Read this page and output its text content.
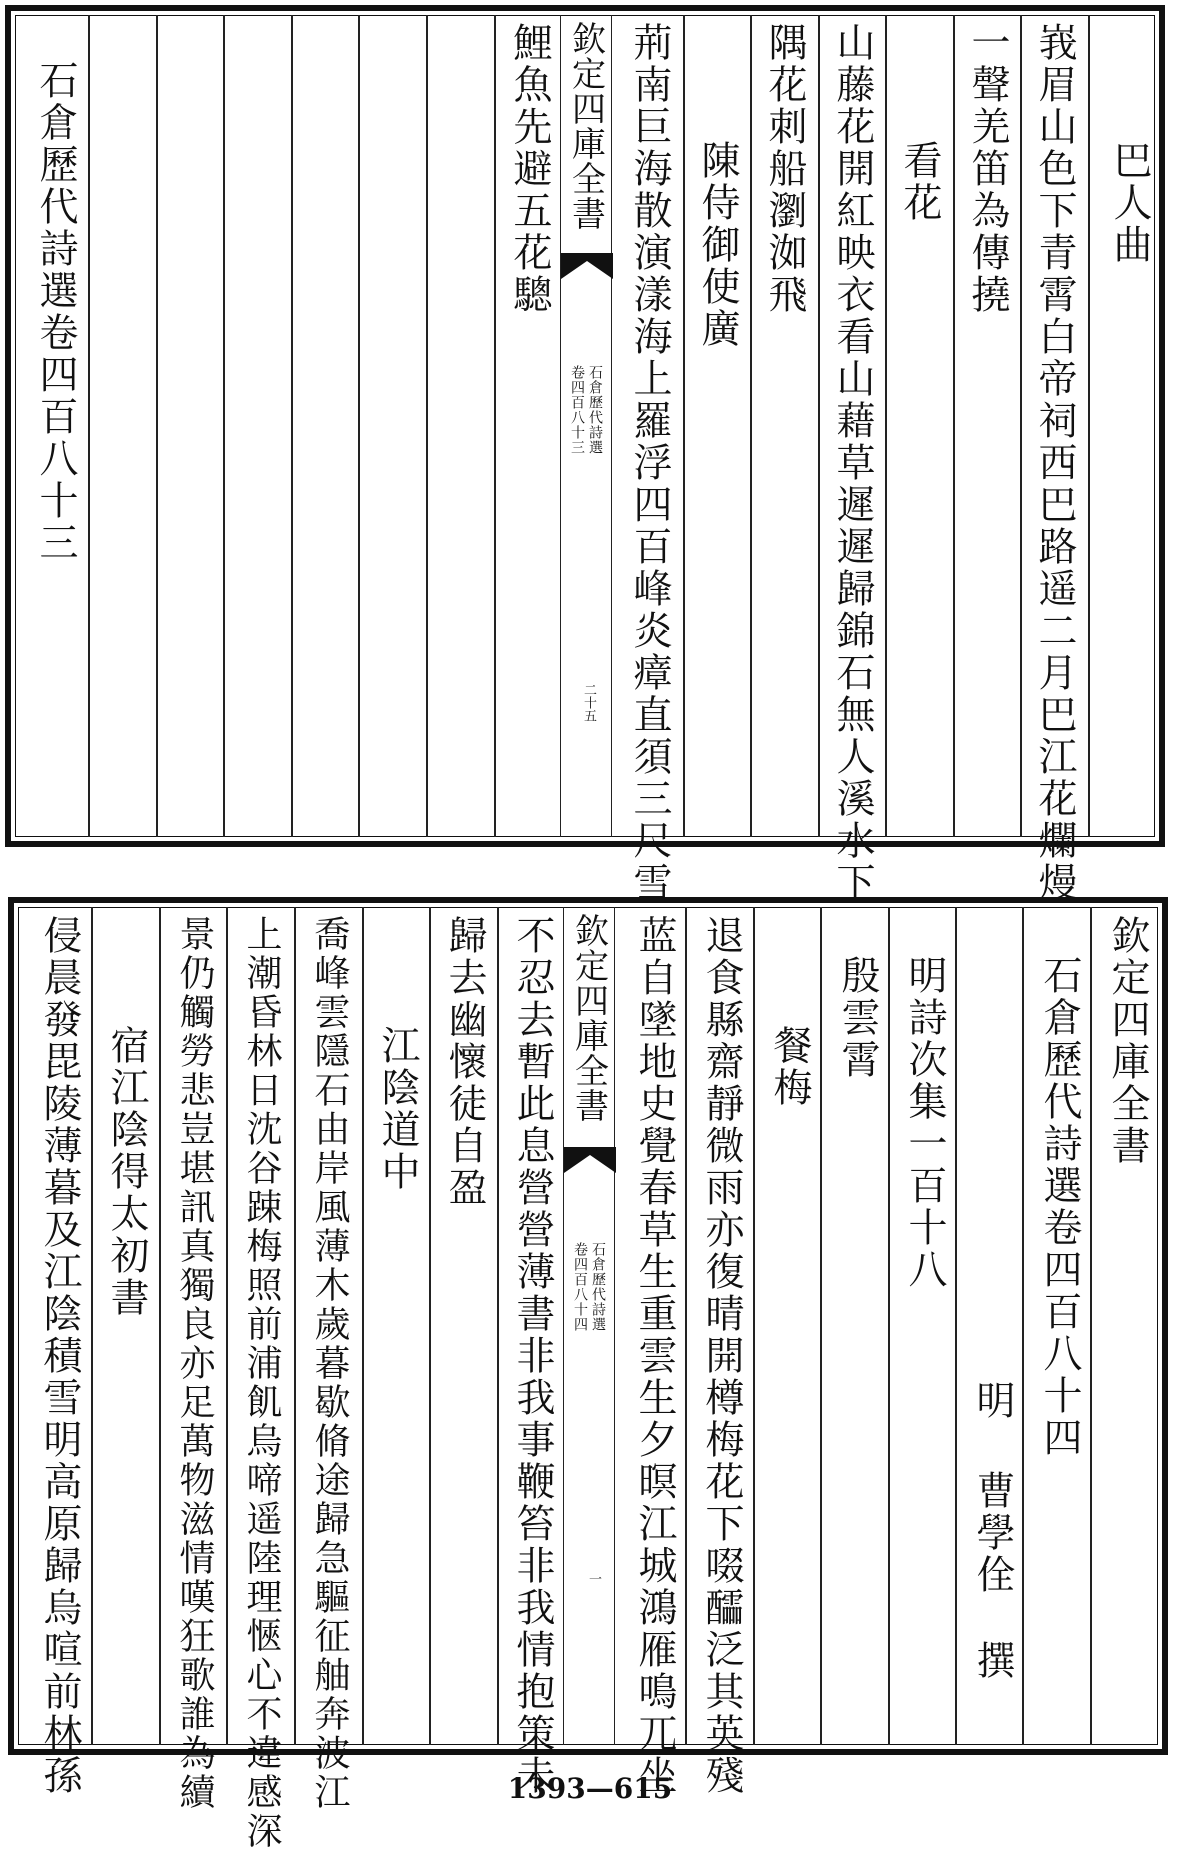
巴人曲
峩眉山色下青霄白帝祠西巴路遥二月巴江花爛熳
一聲羌笛為傳撓
看花
山藤花開紅映衣看山藉草遲遲歸錦石無人溪水下
隅花刺船瀏洳飛
陳侍御使廣
荊南巨海散演漾海上羅浮四百峰炎瘴直須三尺雪
欽定四庫全書
石倉歷代詩選
卷四百八十三
二十五
鯉魚先避五花驄
石倉歷代詩選卷四百八十三
欽定四庫全書
石倉歷代詩選卷四百八十四
明
曹學佺
撰
明詩次集一百十八
殷雲霄
餐梅
退食縣齋靜微雨亦復晴開樽梅花下啜醽泛其英殘
蓝自墜地史覺春草生重雲生夕暝江城鴻雁鳴兀坐
欽定四庫全書
石倉歷代詩選
卷四百八十四
一
不忍去暫此息營營薄書非我事鞭笞非我情抱策未
歸去幽懷徒自盈
江陰道中
喬峰雲隱石由岸風薄木歲暮歇脩途歸急驅征舳奔波江
上潮昏林日沈谷踈梅照前浦飢烏啼遥陸理愜心不違感深
景仍觸勞悲豈堪訊真獨良亦足萬物滋情嘆狂歌誰為續
宿江陰得太初書
侵晨發毘陵薄暮及江陰積雪明高原歸烏喧前林孫	1393—615
